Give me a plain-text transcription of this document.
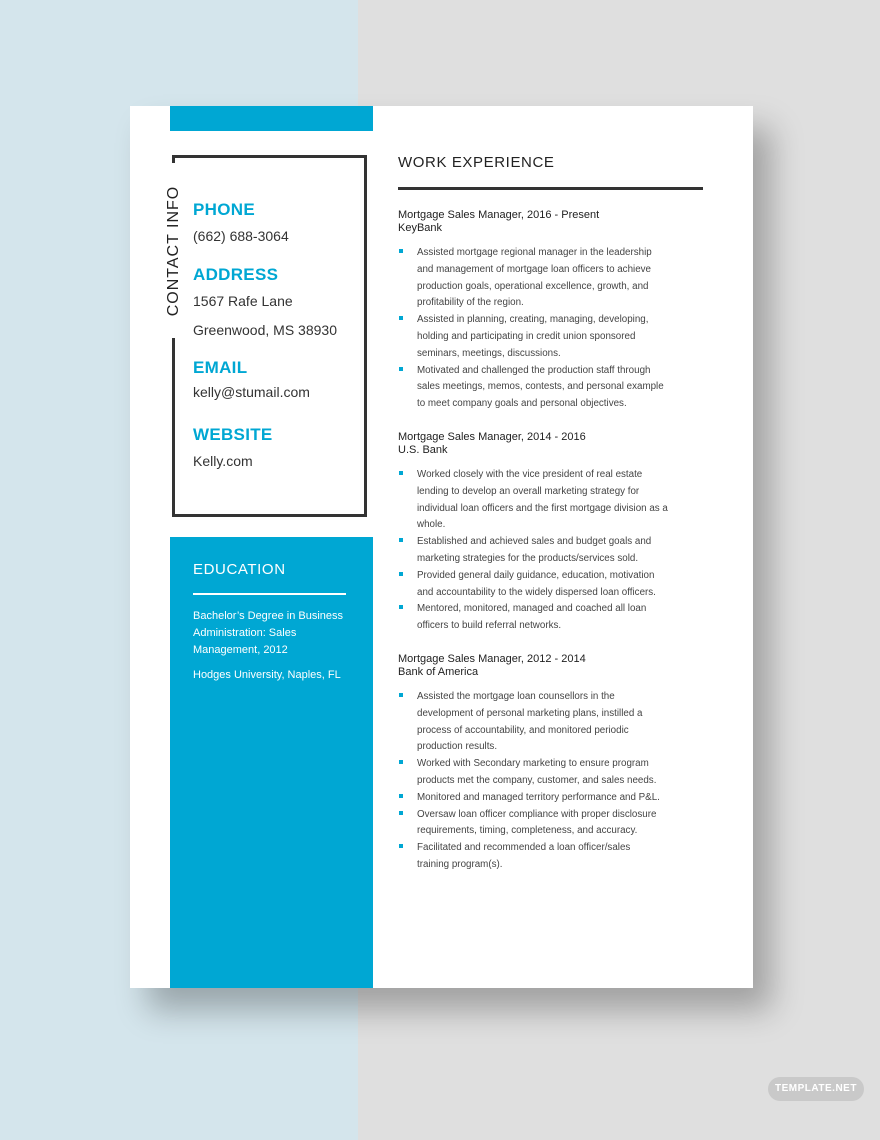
CONTACT INFO PHONE
(662) 688-3064
ADDRESS
1567 Rafe Lane
Greenwood, MS 38930
EMAIL
kelly@stumail.com
WEBSITE
Kelly.com
EDUCATION
Bachelor’s Degree in Business
Administration: Sales
Management, 2012
Hodges University, Naples, FL
WORK EXPERIENCE
Mortgage Sales Manager, 2016 - Present
KeyBank
Assisted mortgage regional manager in the leadership
and management of mortgage loan officers to achieve
production goals, operational excellence, growth, and
profitability of the region.
Assisted in planning, creating, managing, developing,
holding and participating in credit union sponsored
seminars, meetings, discussions.
Motivated and challenged the production staff through
sales meetings, memos, contests, and personal example
to meet company goals and personal objectives.
Mortgage Sales Manager, 2014 - 2016
U.S. Bank
Worked closely with the vice president of real estate
lending to develop an overall marketing strategy for
individual loan officers and the first mortgage division as a
whole.
Established and achieved sales and budget goals and
marketing strategies for the products/services sold.
Provided general daily guidance, education, motivation
and accountability to the widely dispersed loan officers.
Mentored, monitored, managed and coached all loan
officers to build referral networks.
Mortgage Sales Manager, 2012 - 2014
Bank of America
Assisted the mortgage loan counsellors in the
development of personal marketing plans, instilled a
process of accountability, and monitored periodic
production results.
Worked with Secondary marketing to ensure program
products met the company, customer, and sales needs.
Monitored and managed territory performance and P&L.
Oversaw loan officer compliance with proper disclosure
requirements, timing, completeness, and accuracy.
Facilitated and recommended a loan officer/sales
training program(s).
TEMPLATE.NET
